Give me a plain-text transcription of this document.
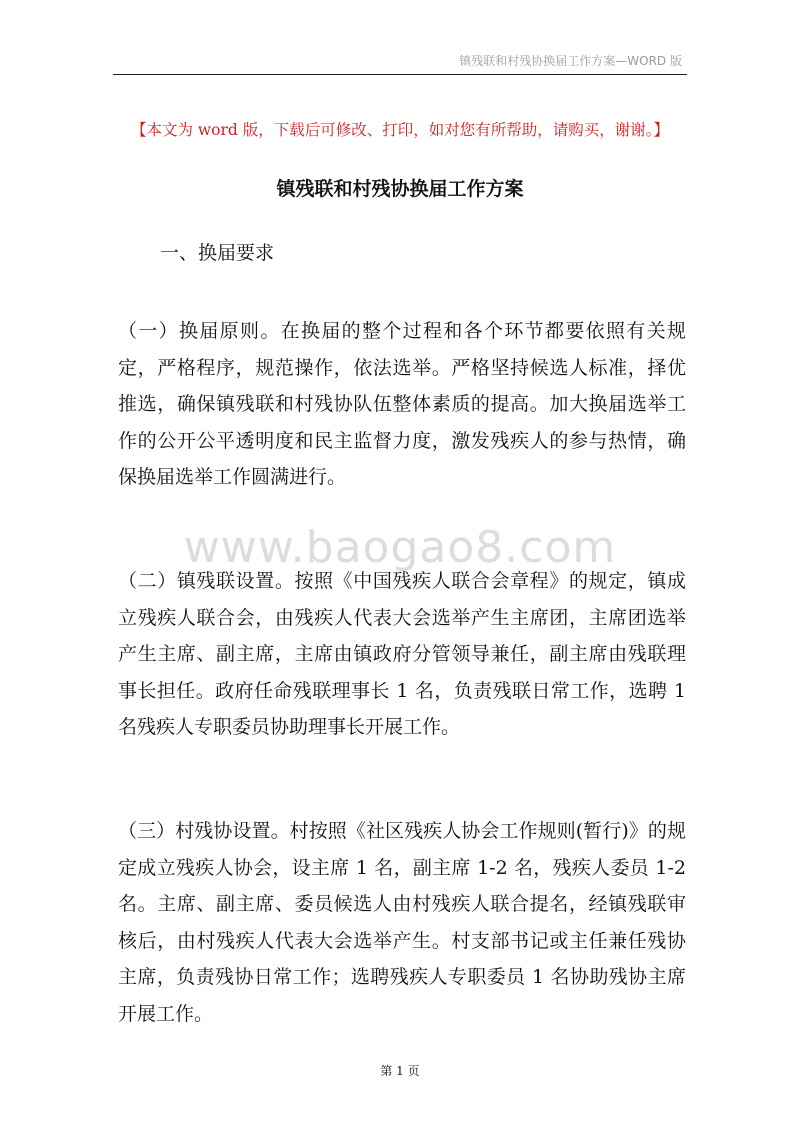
镇残联和村残协换届工作方案—WORD 版
【本文为 word 版，下载后可修改、打印，如对您有所帮助，请购买，谢谢。】
镇残联和村残协换届工作方案
一、换届要求

（一）换届原则。在换届的整个过程和各个环节都要依照有关规定，严格程序，规范操作，依法选举。严格坚持候选人标准，择优推选，确保镇残联和村残协队伍整体素质的提高。加大换届选举工作的公开公平透明度和民主监督力度，激发残疾人的参与热情，确保换届选举工作圆满进行。

www.baogao8.com

（二）镇残联设置。按照《中国残疾人联合会章程》的规定，镇成立残疾人联合会，由残疾人代表大会选举产生主席团，主席团选举产生主席、副主席，主席由镇政府分管领导兼任，副主席由残联理事长担任。政府任命残联理事长 1 名，负责残联日常工作，选聘 1 名残疾人专职委员协助理事长开展工作。

（三）村残协设置。村按照《社区残疾人协会工作规则(暂行)》的规定成立残疾人协会，设主席 1 名，副主席 1-2 名，残疾人委员 1-2 名。主席、副主席、委员候选人由村残疾人联合提名，经镇残联审核后，由村残疾人代表大会选举产生。村支部书记或主任兼任残协主席，负责残协日常工作；选聘残疾人专职委员 1 名协助残协主席开展工作。

第 1 页
